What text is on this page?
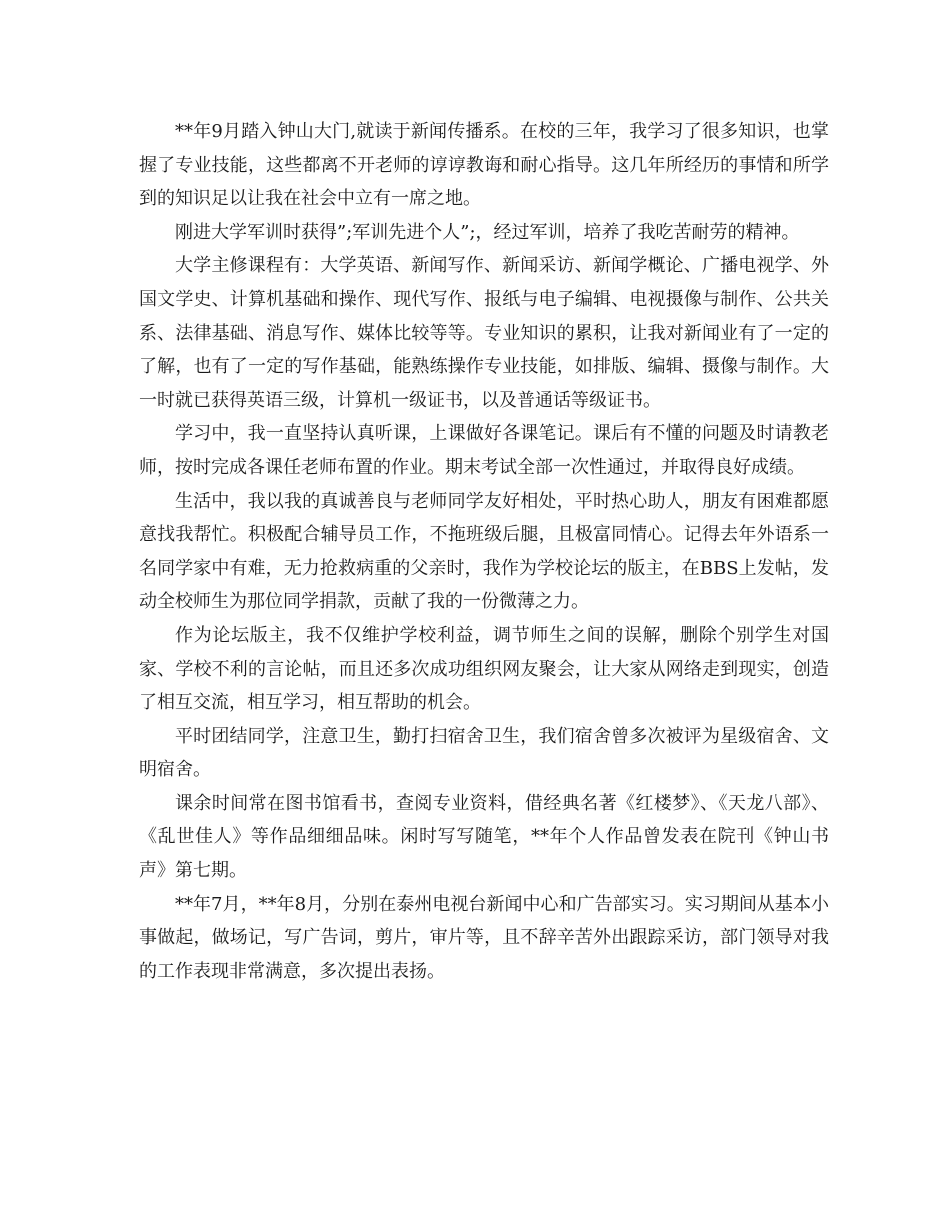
**年9月踏入钟山大门,就读于新闻传播系。在校的三年，我学习了很多知识，也掌握了专业技能，这些都离不开老师的谆谆教诲和耐心指导。这几年所经历的事情和所学到的知识足以让我在社会中立有一席之地。

刚进大学军训时获得”;军训先进个人”;，经过军训，培养了我吃苦耐劳的精神。

大学主修课程有：大学英语、新闻写作、新闻采访、新闻学概论、广播电视学、外国文学史、计算机基础和操作、现代写作、报纸与电子编辑、电视摄像与制作、公共关系、法律基础、消息写作、媒体比较等等。专业知识的累积，让我对新闻业有了一定的了解，也有了一定的写作基础，能熟练操作专业技能，如排版、编辑、摄像与制作。大一时就已获得英语三级，计算机一级证书，以及普通话等级证书。

学习中，我一直坚持认真听课，上课做好各课笔记。课后有不懂的问题及时请教老师，按时完成各课任老师布置的作业。期末考试全部一次性通过，并取得良好成绩。

生活中，我以我的真诚善良与老师同学友好相处，平时热心助人，朋友有困难都愿意找我帮忙。积极配合辅导员工作，不拖班级后腿，且极富同情心。记得去年外语系一名同学家中有难，无力抢救病重的父亲时，我作为学校论坛的版主，在BBS上发帖，发动全校师生为那位同学捐款，贡献了我的一份微薄之力。

作为论坛版主，我不仅维护学校利益，调节师生之间的误解，删除个别学生对国家、学校不利的言论帖，而且还多次成功组织网友聚会，让大家从网络走到现实，创造了相互交流，相互学习，相互帮助的机会。

平时团结同学，注意卫生，勤打扫宿舍卫生，我们宿舍曾多次被评为星级宿舍、文明宿舍。

课余时间常在图书馆看书，查阅专业资料，借经典名著《红楼梦》、《天龙八部》、《乱世佳人》等作品细细品味。闲时写写随笔，**年个人作品曾发表在院刊《钟山书声》第七期。

**年7月，**年8月，分别在泰州电视台新闻中心和广告部实习。实习期间从基本小事做起，做场记，写广告词，剪片，审片等，且不辞辛苦外出跟踪采访，部门领导对我的工作表现非常满意，多次提出表扬。
